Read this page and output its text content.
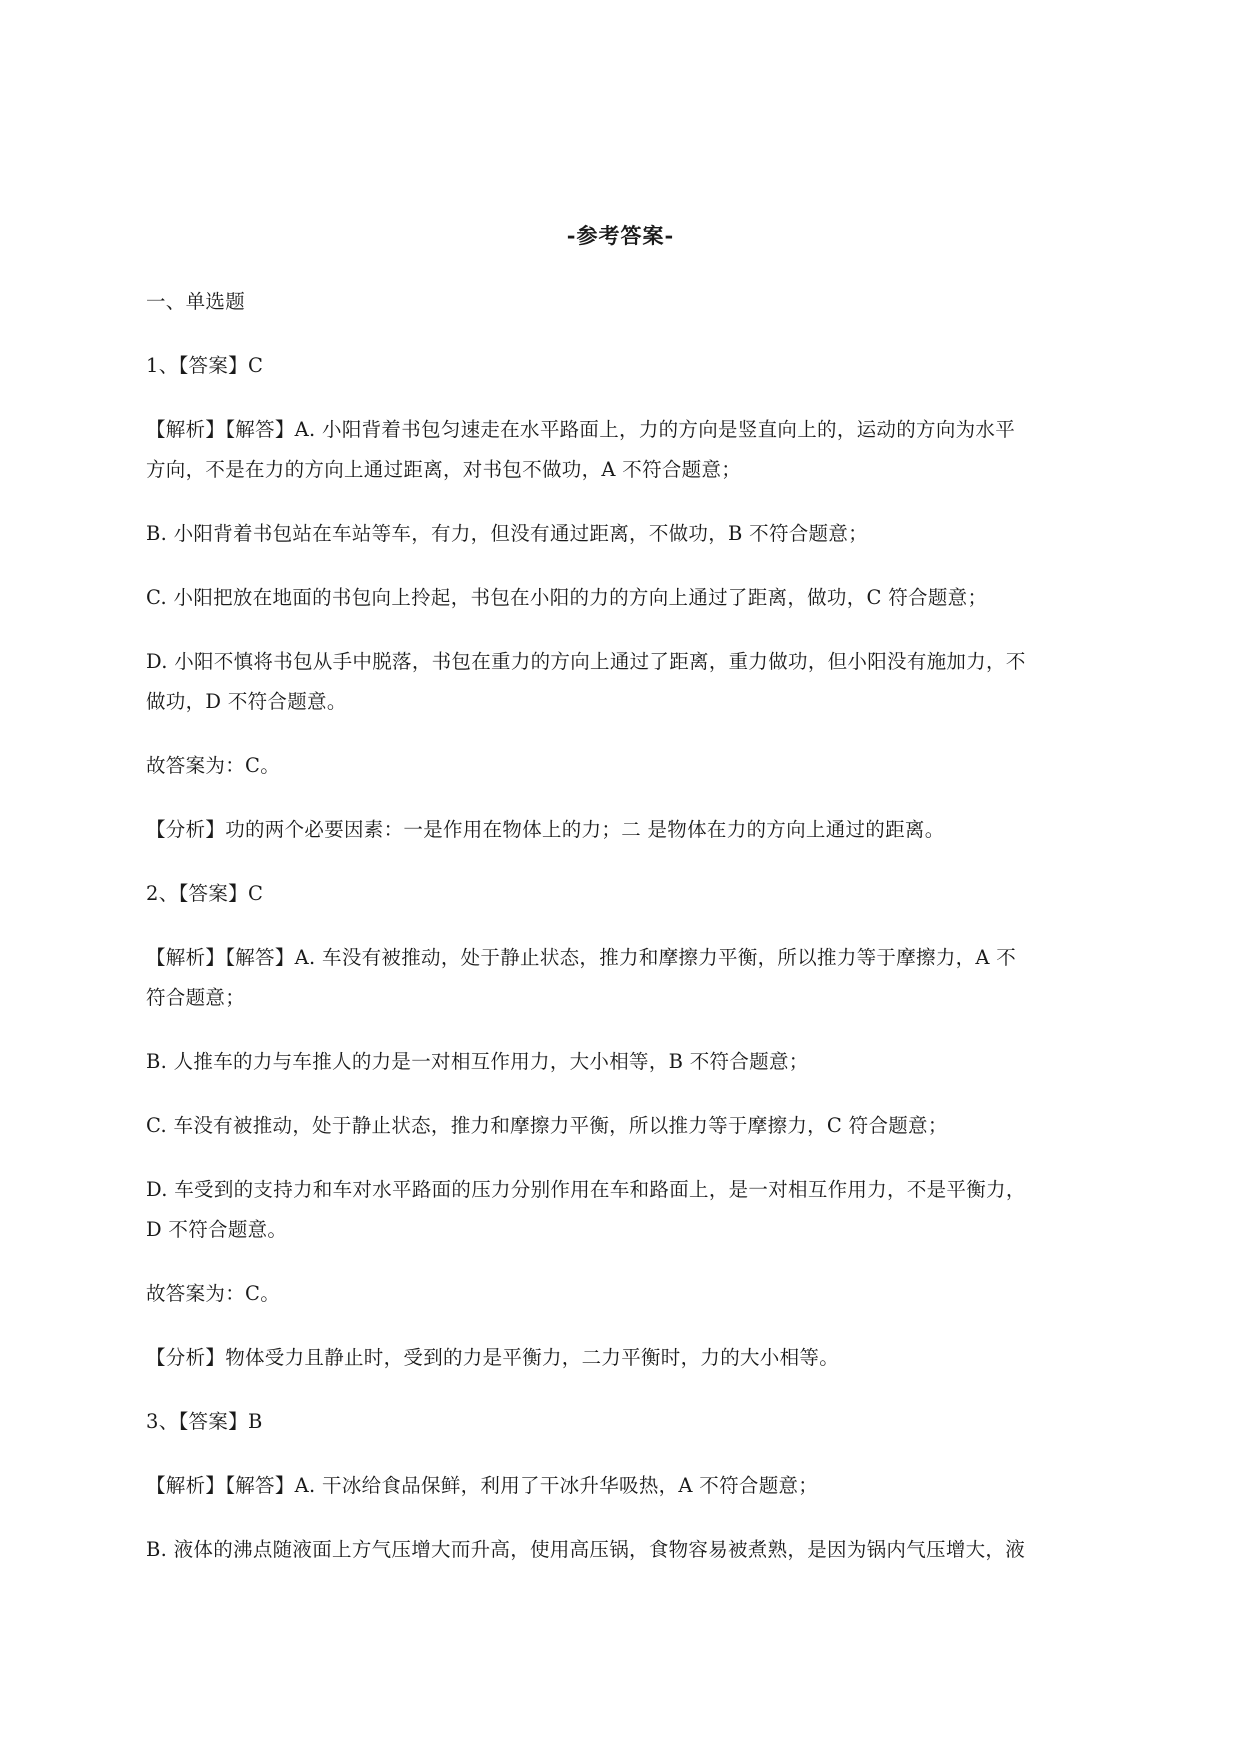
-参考答案-
一、单选题
1、【答案】C
【解析】【解答】A. 小阳背着书包匀速走在水平路面上，力的方向是竖直向上的，运动的方向为水平
方向，不是在力的方向上通过距离，对书包不做功，A 不符合题意；
B. 小阳背着书包站在车站等车，有力，但没有通过距离，不做功，B 不符合题意；
C. 小阳把放在地面的书包向上拎起，书包在小阳的力的方向上通过了距离，做功，C 符合题意；
D. 小阳不慎将书包从手中脱落，书包在重力的方向上通过了距离，重力做功，但小阳没有施加力，不
做功，D 不符合题意。
故答案为：C。
【分析】功的两个必要因素：一是作用在物体上的力；二 是物体在力的方向上通过的距离。
2、【答案】C
【解析】【解答】A. 车没有被推动，处于静止状态，推力和摩擦力平衡，所以推力等于摩擦力，A 不
符合题意；
B. 人推车的力与车推人的力是一对相互作用力，大小相等，B 不符合题意；
C. 车没有被推动，处于静止状态，推力和摩擦力平衡，所以推力等于摩擦力，C 符合题意；
D. 车受到的支持力和车对水平路面的压力分别作用在车和路面上，是一对相互作用力，不是平衡力，
D 不符合题意。
故答案为：C。
【分析】物体受力且静止时，受到的力是平衡力，二力平衡时，力的大小相等。
3、【答案】B
【解析】【解答】A. 干冰给食品保鲜，利用了干冰升华吸热，A 不符合题意；
B. 液体的沸点随液面上方气压增大而升高，使用高压锅，食物容易被煮熟，是因为锅内气压增大，液
